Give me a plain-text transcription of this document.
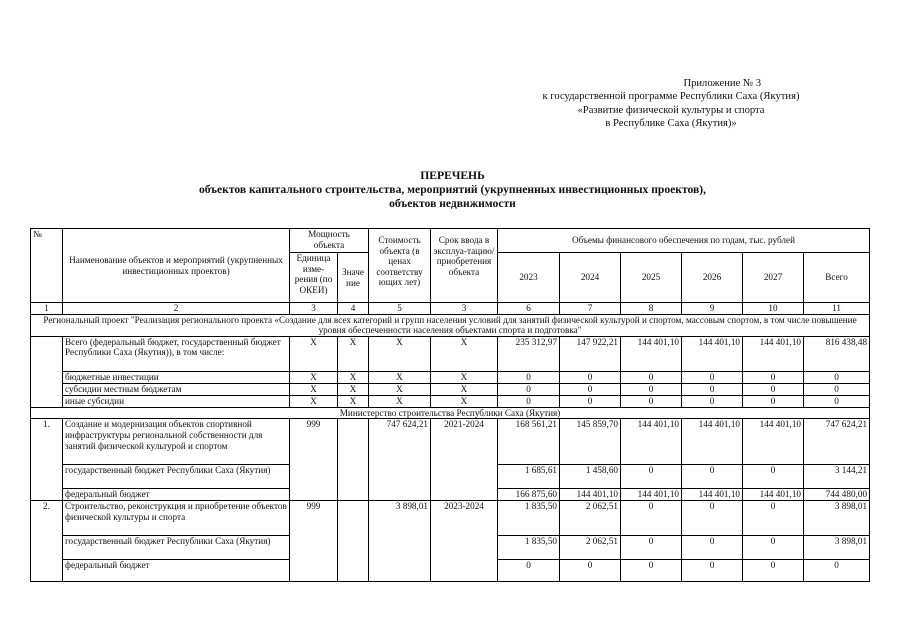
Приложение № 3
к государственной программе Республики Саха (Якутия)
«Развитие физической культуры и спорта
в Республике Саха (Якутия)»
ПЕРЕЧЕНЬ
объектов капитального строительства, мероприятий (укрупненных инвестиционных проектов),
объектов недвижимости
№	Наименование объектов и мероприятий (укрупненных инвестиционных проектов)	Мощность объекта		Стоимость объекта (в ценах соответству ющих лет)	Срок ввода в эксплуа-тацию/ приобретения объекта	Объемы финансового обеспечения по годам, тыс. рублей					
		Единица изме-рения (по ОКЕИ)	Значе ние			2023	2024	2025	2026	2027	Всего
1	2	3	4	5	3	6	7	8	9	10	11
Региональный проект "Реализация регионального проекта «Создание для всех категорий и групп населения условий для занятий физической культурой и спортом, массовым спортом, в том числе повышение уровня обеспеченности населения объектами спорта и подготовка"											
	Всего (федеральный бюджет, государственный бюджет Республики Саха (Якутия)), в том числе:	Х	Х	Х	Х	235 312,97	147 922,21	144 401,10	144 401,10	144 401,10	816 438,48
	бюджетные инвестиции	Х	Х	Х	Х	0	0	0	0	0	0
	субсидии местным бюджетам	Х	Х	Х	Х	0	0	0	0	0	0
	иные субсидии	Х	Х	Х	Х	0	0	0	0	0	0
Министерство строительства Республики Саха (Якутия)											
1.	Создание и модернизация объектов спортивной инфраструктуры региональной собственности для занятий физической культурой и спортом	999		747 624,21	2021-2024	168 561,21	145 859,70	144 401,10	144 401,10	144 401,10	747 624,21
	государственный бюджет Республики Саха (Якутия)					1 685,61	1 458,60	0	0	0	3 144,21
	федеральный бюджет					166 875,60	144 401,10	144 401,10	144 401,10	144 401,10	744 480,00
2.	Строительство, реконструкция и приобретение объектов физической культуры и спорта	999		3 898,01	2023-2024	1 835,50	2 062,51	0	0	0	3 898,01
	государственный бюджет Республики Саха (Якутия)					1 835,50	2 062,51	0	0	0	3 898,01
	федеральный бюджет					0	0	0	0	0	0
